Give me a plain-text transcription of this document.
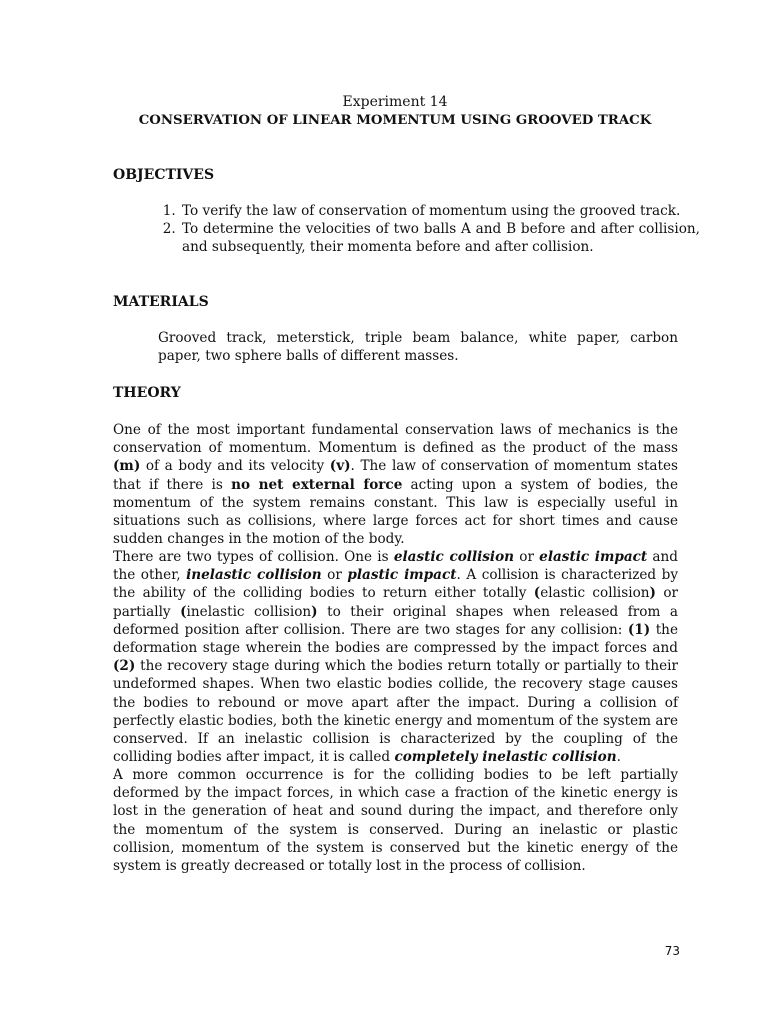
Experiment 14
CONSERVATION OF LINEAR MOMENTUM USING GROOVED TRACK
OBJECTIVES
1. To verify the law of conservation of momentum using the grooved track.
2. To determine the velocities of two balls A and B before and after collision, and subsequently, their momenta before and after collision.
MATERIALS

Grooved track, meterstick, triple beam balance, white paper, carbon paper, two sphere balls of different masses.

THEORY

One of the most important fundamental conservation laws of mechanics is the conservation of momentum. Momentum is defined as the product of the mass (m) of a body and its velocity (v). The law of conservation of momentum states that if there is no net external force acting upon a system of bodies, the momentum of the system remains constant. This law is especially useful in situations such as collisions, where large forces act for short times and cause sudden changes in the motion of the body.

There are two types of collision. One is elastic collision or elastic impact and the other, inelastic collision or plastic impact. A collision is characterized by the ability of the colliding bodies to return either totally (elastic collision) or partially (inelastic collision) to their original shapes when released from a deformed position after collision. There are two stages for any collision: (1) the deformation stage wherein the bodies are compressed by the impact forces and (2) the recovery stage during which the bodies return totally or partially to their undeformed shapes. When two elastic bodies collide, the recovery stage causes the bodies to rebound or move apart after the impact. During a collision of perfectly elastic bodies, both the kinetic energy and momentum of the system are conserved. If an inelastic collision is characterized by the coupling of the colliding bodies after impact, it is called completely inelastic collision.

A more common occurrence is for the colliding bodies to be left partially deformed by the impact forces, in which case a fraction of the kinetic energy is lost in the generation of heat and sound during the impact, and therefore only the momentum of the system is conserved. During an inelastic or plastic collision, momentum of the system is conserved but the kinetic energy of the system is greatly decreased or totally lost in the process of collision.

73
